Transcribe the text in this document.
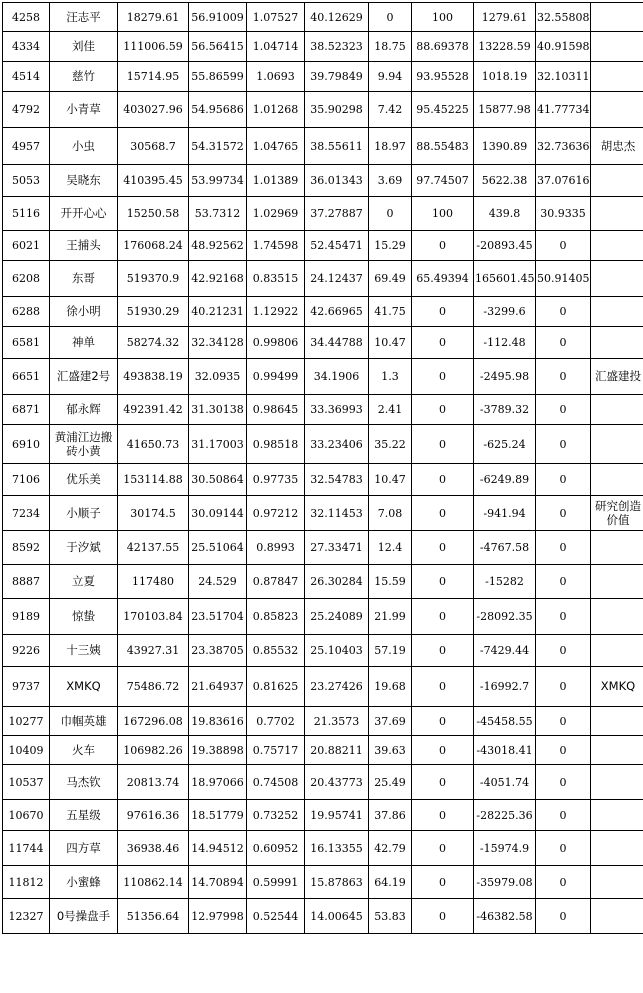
4258	汪志平	18279.61	56.91009	1.07527	40.12629	0	100	1279.61	32.55808	
4334	刘佳	111006.59	56.56415	1.04714	38.52323	18.75	88.69378	13228.59	40.91598	
4514	慈竹	15714.95	55.86599	1.0693	39.79849	9.94	93.95528	1018.19	32.10311	
4792	小青草	403027.96	54.95686	1.01268	35.90298	7.42	95.45225	15877.98	41.77734	
4957	小虫	30568.7	54.31572	1.04765	38.55611	18.97	88.55483	1390.89	32.73636	胡忠杰
5053	吴晓东	410395.45	53.99734	1.01389	36.01343	3.69	97.74507	5622.38	37.07616	
5116	开开心心	15250.58	53.7312	1.02969	37.27887	0	100	439.8	30.9335	
6021	王捕头	176068.24	48.92562	1.74598	52.45471	15.29	0	-20893.45	0	
6208	东哥	519370.9	42.92168	0.83515	24.12437	69.49	65.49394	165601.45	50.91405	
6288	徐小明	51930.29	40.21231	1.12922	42.66965	41.75	0	-3299.6	0	
6581	神单	58274.32	32.34128	0.99806	34.44788	10.47	0	-112.48	0	
6651	汇盛建2号	493838.19	32.0935	0.99499	34.1906	1.3	0	-2495.98	0	汇盛建投
6871	郁永辉	492391.42	31.30138	0.98645	33.36993	2.41	0	-3789.32	0	
6910	黄浦江边搬砖小黄	41650.73	31.17003	0.98518	33.23406	35.22	0	-625.24	0	
7106	优乐美	153114.88	30.50864	0.97735	32.54783	10.47	0	-6249.89	0	
7234	小顺子	30174.5	30.09144	0.97212	32.11453	7.08	0	-941.94	0	研究创造价值
8592	于汐斌	42137.55	25.51064	0.8993	27.33471	12.4	0	-4767.58	0	
8887	立夏	117480	24.529	0.87847	26.30284	15.59	0	-15282	0	
9189	惊蛰	170103.84	23.51704	0.85823	25.24089	21.99	0	-28092.35	0	
9226	十三姨	43927.31	23.38705	0.85532	25.10403	57.19	0	-7429.44	0	
9737	XMKQ	75486.72	21.64937	0.81625	23.27426	19.68	0	-16992.7	0	XMKQ
10277	巾帼英雄	167296.08	19.83616	0.7702	21.3573	37.69	0	-45458.55	0	
10409	火车	106982.26	19.38898	0.75717	20.88211	39.63	0	-43018.41	0	
10537	马杰钦	20813.74	18.97066	0.74508	20.43773	25.49	0	-4051.74	0	
10670	五星级	97616.36	18.51779	0.73252	19.95741	37.86	0	-28225.36	0	
11744	四方草	36938.46	14.94512	0.60952	16.13355	42.79	0	-15974.9	0	
11812	小蜜蜂	110862.14	14.70894	0.59991	15.87863	64.19	0	-35979.08	0	
12327	0号操盘手	51356.64	12.97998	0.52544	14.00645	53.83	0	-46382.58	0	
